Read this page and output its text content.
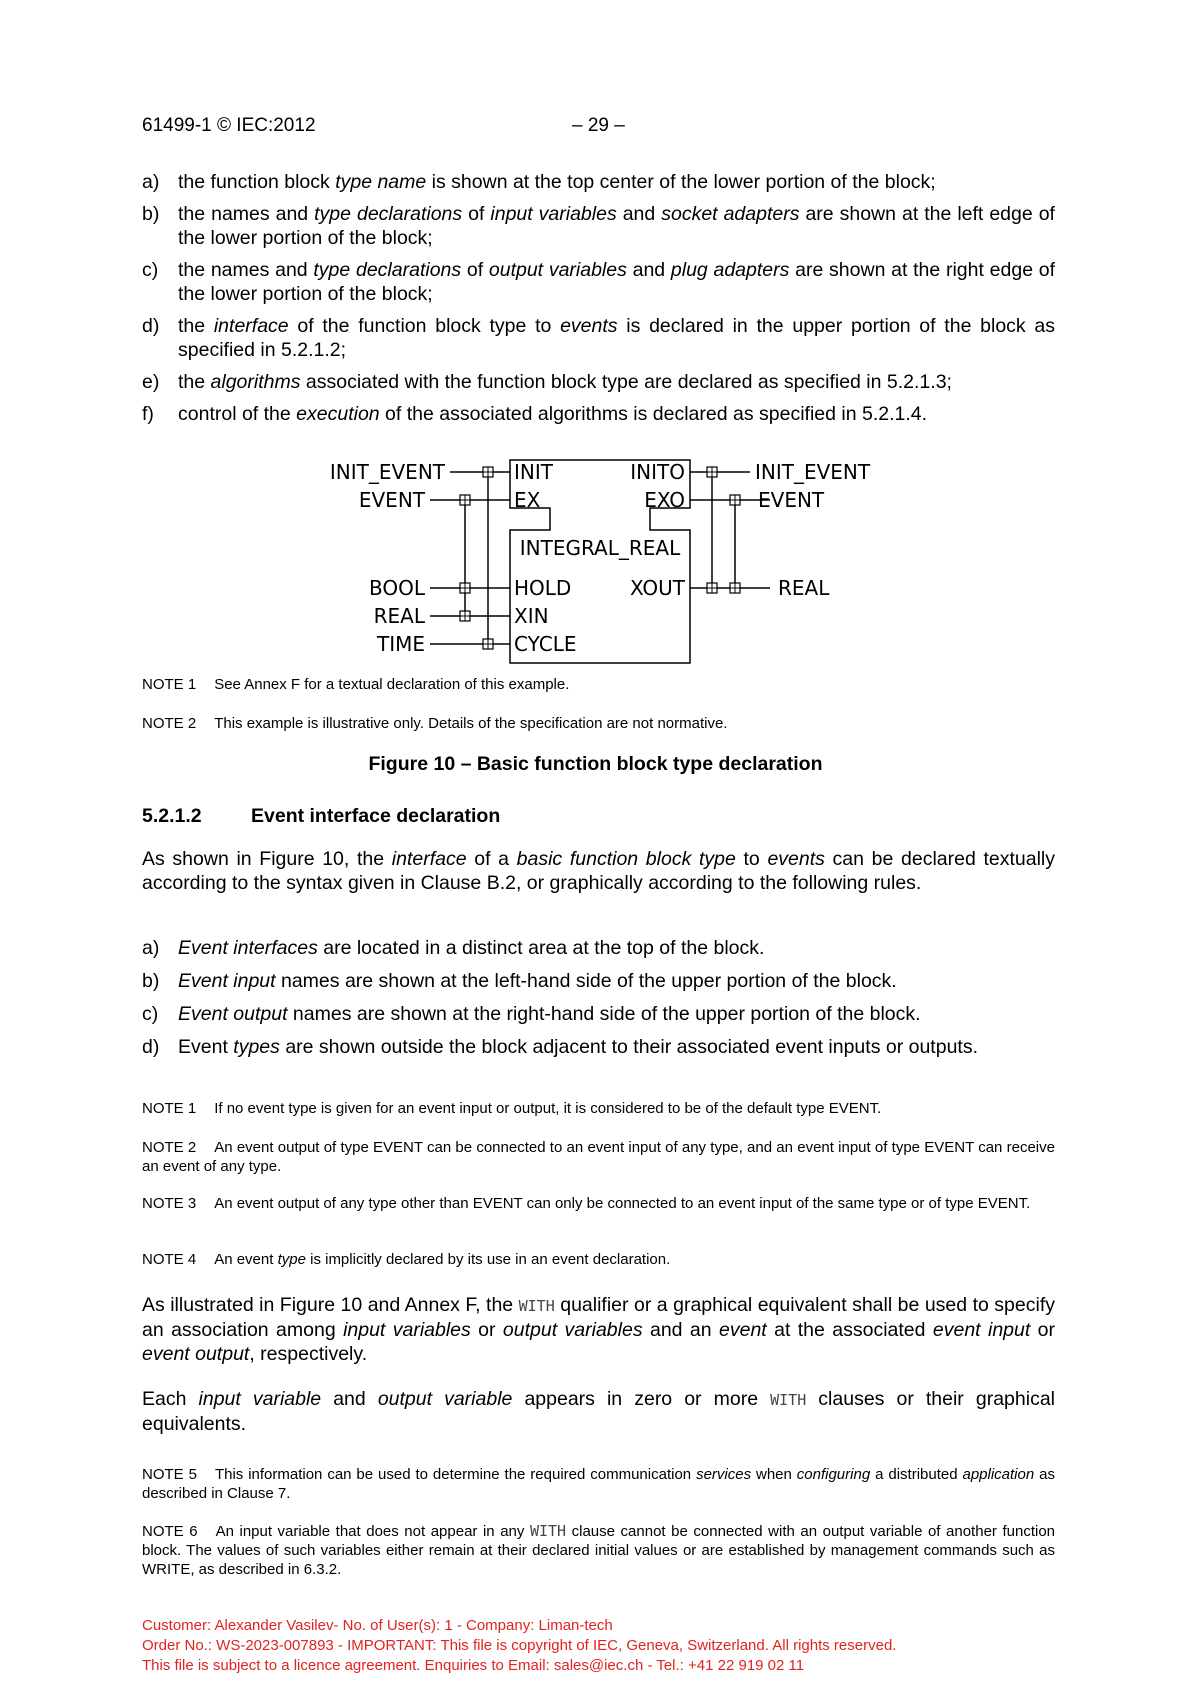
61499-1 © IEC:2012	– 29 –

a) the function block type name is shown at the top center of the lower portion of the block;

b) the names and type declarations of input variables and socket adapters are shown at the left edge of the lower portion of the block;

c) the names and type declarations of output variables and plug adapters are shown at the right edge of the lower portion of the block;

d) the interface of the function block type to events is declared in the upper portion of the block as specified in 5.2.1.2;

e) the algorithms associated with the function block type are declared as specified in 5.2.1.3;

f) control of the execution of the associated algorithms is declared as specified in 5.2.1.4.

INIT_EVENT
EVENT
BOOL
REAL
TIME
INIT
EX
INITO
EXO
INTEGRAL_REAL
HOLD
XIN
CYCLE
XOUT
INIT_EVENT
EVENT
REAL

NOTE 1 See Annex F for a textual declaration of this example.

NOTE 2 This example is illustrative only. Details of the specification are not normative.

Figure 10 – Basic function block type declaration
5.2.1.2	Event interface declaration

As shown in Figure 10, the interface of a basic function block type to events can be declared textually according to the syntax given in Clause B.2, or graphically according to the following rules.

a) Event interfaces are located in a distinct area at the top of the block.

b) Event input names are shown at the left-hand side of the upper portion of the block.

c) Event output names are shown at the right-hand side of the upper portion of the block.

d) Event types are shown outside the block adjacent to their associated event inputs or outputs.

NOTE 1 If no event type is given for an event input or output, it is considered to be of the default type EVENT.

NOTE 2 An event output of type EVENT can be connected to an event input of any type, and an event input of type EVENT can receive an event of any type.

NOTE 3 An event output of any type other than EVENT can only be connected to an event input of the same type or of type EVENT.

NOTE 4 An event type is implicitly declared by its use in an event declaration.

As illustrated in Figure 10 and Annex F, the WITH qualifier or a graphical equivalent shall be used to specify an association among input variables or output variables and an event at the associated event input or event output, respectively.

Each input variable and output variable appears in zero or more WITH clauses or their graphical equivalents.

NOTE 5 This information can be used to determine the required communication services when configuring a distributed application as described in Clause 7.

NOTE 6 An input variable that does not appear in any WITH clause cannot be connected with an output variable of another function block. The values of such variables either remain at their declared initial values or are established by management commands such as WRITE, as described in 6.3.2.

Customer: Alexander Vasilev- No. of User(s): 1 - Company: Liman-tech
Order No.: WS-2023-007893 - IMPORTANT: This file is copyright of IEC, Geneva, Switzerland. All rights reserved.
This file is subject to a licence agreement. Enquiries to Email: sales@iec.ch - Tel.: +41 22 919 02 11
